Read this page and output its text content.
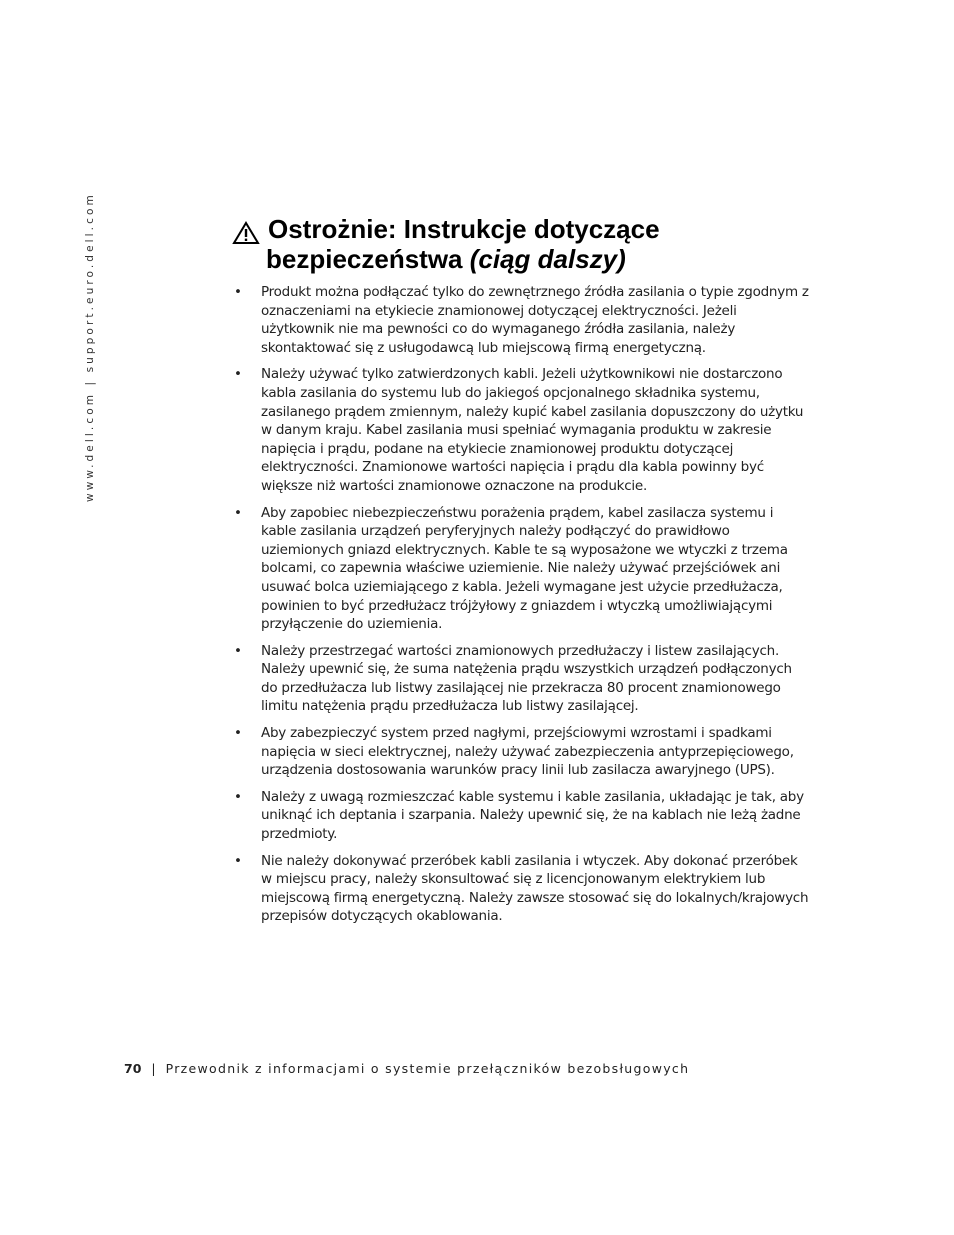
www.dell.com | support.euro.dell.com	Ostrożnie: Instrukcje dotyczące
bezpieczeństwa (ciąg dalszy)
• Produkt można podłączać tylko do zewnętrznego źródła zasilania o typie zgodnym z oznaczeniami na etykiecie znamionowej dotyczącej elektryczności. Jeżeli użytkownik nie ma pewności co do wymaganego źródła zasilania, należy skontaktować się z usługodawcą lub miejscową firmą energetyczną.
• Należy używać tylko zatwierdzonych kabli. Jeżeli użytkownikowi nie dostarczono kabla zasilania do systemu lub do jakiegoś opcjonalnego składnika systemu, zasilanego prądem zmiennym, należy kupić kabel zasilania dopuszczony do użytku w danym kraju. Kabel zasilania musi spełniać wymagania produktu w zakresie napięcia i prądu, podane na etykiecie znamionowej produktu dotyczącej elektryczności. Znamionowe wartości napięcia i prądu dla kabla powinny być większe niż wartości znamionowe oznaczone na produkcie.
• Aby zapobiec niebezpieczeństwu porażenia prądem, kabel zasilacza systemu i kable zasilania urządzeń peryferyjnych należy podłączyć do prawidłowo uziemionych gniazd elektrycznych. Kable te są wyposażone we wtyczki z trzema bolcami, co zapewnia właściwe uziemienie. Nie należy używać przejściówek ani usuwać bolca uziemiającego z kabla. Jeżeli wymagane jest użycie przedłużacza, powinien to być przedłużacz trójżyłowy z gniazdem i wtyczką umożliwiającymi przyłączenie do uziemienia.
• Należy przestrzegać wartości znamionowych przedłużaczy i listew zasilających. Należy upewnić się, że suma natężenia prądu wszystkich urządzeń podłączonych do przedłużacza lub listwy zasilającej nie przekracza 80 procent znamionowego limitu natężenia prądu przedłużacza lub listwy zasilającej.
• Aby zabezpieczyć system przed nagłymi, przejściowymi wzrostami i spadkami napięcia w sieci elektrycznej, należy używać zabezpieczenia antyprzepięciowego, urządzenia dostosowania warunków pracy linii lub zasilacza awaryjnego (UPS).
• Należy z uwagą rozmieszczać kable systemu i kable zasilania, układając je tak, aby uniknąć ich deptania i szarpania. Należy upewnić się, że na kablach nie leżą żadne przedmioty.
• Nie należy dokonywać przeróbek kabli zasilania i wtyczek. Aby dokonać przeróbek w miejscu pracy, należy skonsultować się z licencjonowanym elektrykiem lub miejscową firmą energetyczną. Należy zawsze stosować się do lokalnych/krajowych przepisów dotyczących okablowania.
70 | Przewodnik z informacjami o systemie przełączników bezobsługowych
